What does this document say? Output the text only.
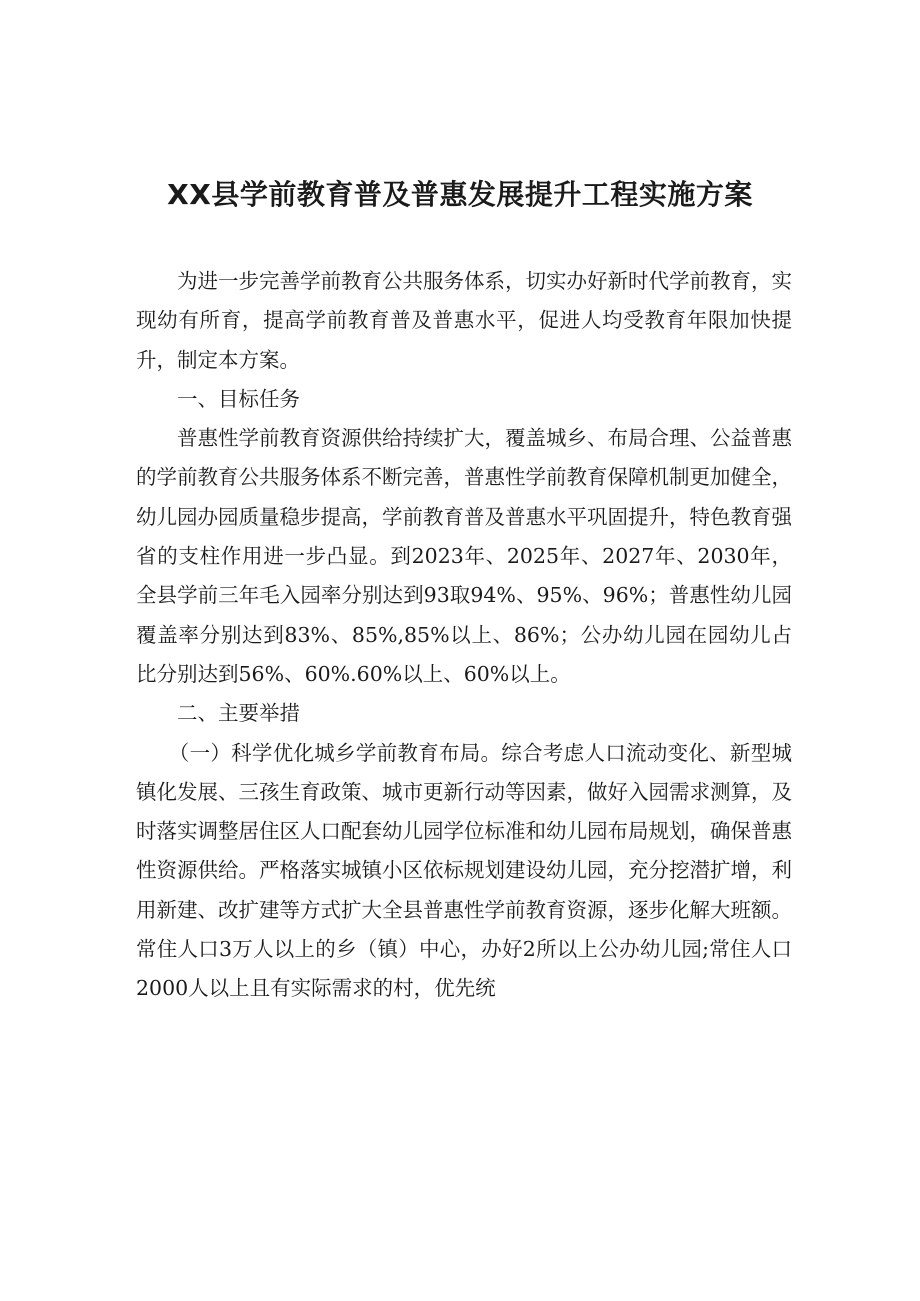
XX县学前教育普及普惠发展提升工程实施方案

为进一步完善学前教育公共服务体系，切实办好新时代学前教育，实现幼有所育，提高学前教育普及普惠水平，促进人均受教育年限加快提升，制定本方案。

一、目标任务

普惠性学前教育资源供给持续扩大，覆盖城乡、布局合理、公益普惠的学前教育公共服务体系不断完善，普惠性学前教育保障机制更加健全，幼儿园办园质量稳步提高，学前教育普及普惠水平巩固提升，特色教育强省的支柱作用进一步凸显。到2023年、2025年、2027年、2030年，全县学前三年毛入园率分别达到93取94%、95%、96%；普惠性幼儿园覆盖率分别达到83%、85%,85%以上、86%；公办幼儿园在园幼儿占比分别达到56%、60%.60%以上、60%以上。

二、主要举措

（一）科学优化城乡学前教育布局。综合考虑人口流动变化、新型城镇化发展、三孩生育政策、城市更新行动等因素，做好入园需求测算，及时落实调整居住区人口配套幼儿园学位标准和幼儿园布局规划，确保普惠性资源供给。严格落实城镇小区依标规划建设幼儿园，充分挖潜扩增，利用新建、改扩建等方式扩大全县普惠性学前教育资源，逐步化解大班额。常住人口3万人以上的乡（镇）中心，办好2所以上公办幼儿园;常住人口2000人以上且有实际需求的村，优先统
